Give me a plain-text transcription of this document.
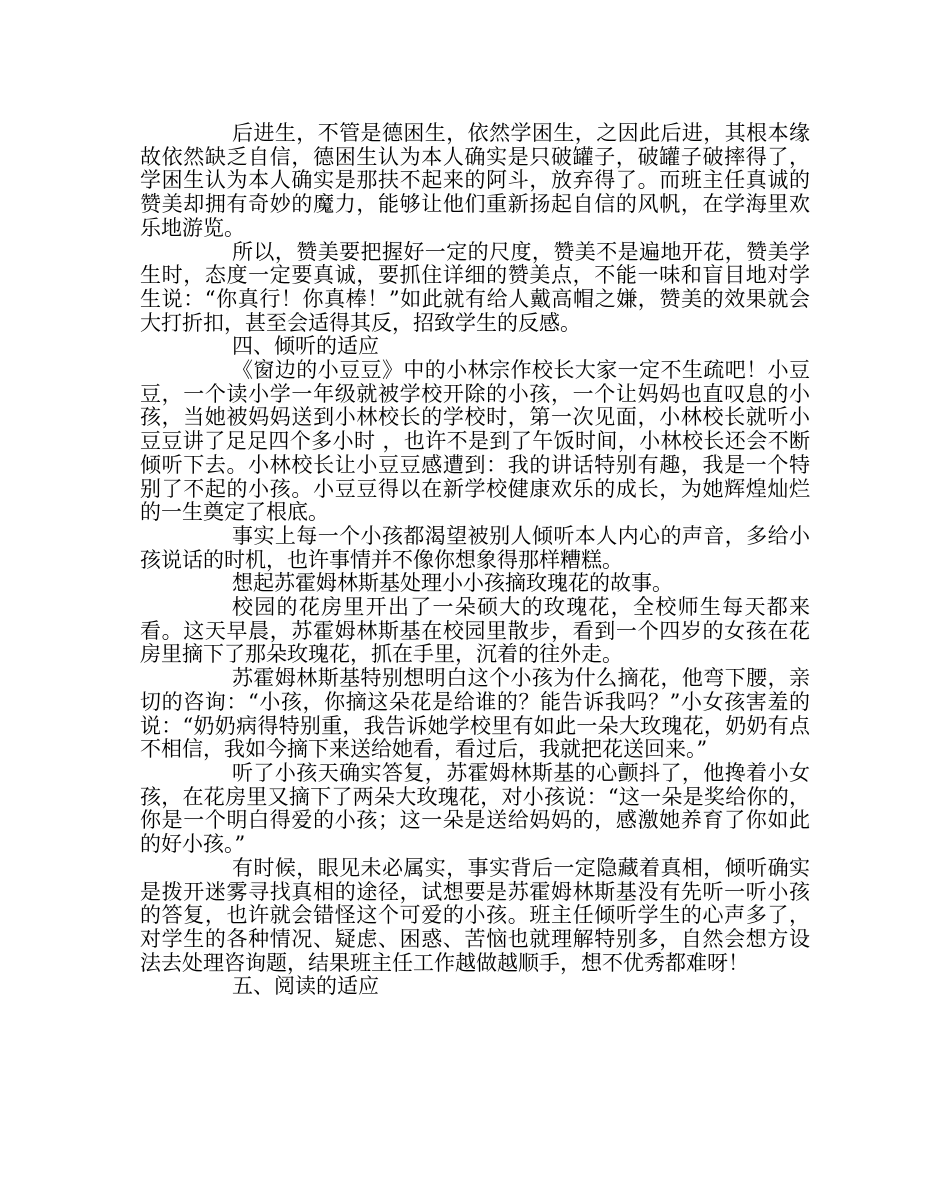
后进生，不管是德困生，依然学困生，之因此后进，其根本缘故依然缺乏自信，德困生认为本人确实是只破罐子，破罐子破摔得了，学困生认为本人确实是那扶不起来的阿斗，放弃得了。而班主任真诚的赞美却拥有奇妙的魔力，能够让他们重新扬起自信的风帆，在学海里欢乐地游览。

所以，赞美要把握好一定的尺度，赞美不是遍地开花，赞美学生时，态度一定要真诚，要抓住详细的赞美点，不能一味和盲目地对学生说：“你真行！你真棒！”如此就有给人戴高帽之嫌，赞美的效果就会大打折扣，甚至会适得其反，招致学生的反感。

四、倾听的适应

《窗边的小豆豆》中的小林宗作校长大家一定不生疏吧！小豆豆，一个读小学一年级就被学校开除的小孩，一个让妈妈也直叹息的小孩，当她被妈妈送到小林校长的学校时，第一次见面，小林校长就听小豆豆讲了足足四个多小时 ，也许不是到了午饭时间，小林校长还会不断倾听下去。小林校长让小豆豆感遭到：我的讲话特别有趣，我是一个特别了不起的小孩。小豆豆得以在新学校健康欢乐的成长，为她辉煌灿烂的一生奠定了根底。

事实上每一个小孩都渴望被别人倾听本人内心的声音，多给小孩说话的时机，也许事情并不像你想象得那样糟糕。

想起苏霍姆林斯基处理小小孩摘玫瑰花的故事。

校园的花房里开出了一朵硕大的玫瑰花，全校师生每天都来看。这天早晨，苏霍姆林斯基在校园里散步，看到一个四岁的女孩在花房里摘下了那朵玫瑰花，抓在手里，沉着的往外走。

苏霍姆林斯基特别想明白这个小孩为什么摘花，他弯下腰，亲切的咨询：“小孩，你摘这朵花是给谁的？能告诉我吗？”小女孩害羞的说：“奶奶病得特别重，我告诉她学校里有如此一朵大玫瑰花，奶奶有点不相信，我如今摘下来送给她看，看过后，我就把花送回来。”

听了小孩天确实答复，苏霍姆林斯基的心颤抖了，他搀着小女孩，在花房里又摘下了两朵大玫瑰花，对小孩说：“这一朵是奖给你的，你是一个明白得爱的小孩；这一朵是送给妈妈的，感激她养育了你如此的好小孩。”

有时候，眼见未必属实，事实背后一定隐藏着真相，倾听确实是拨开迷雾寻找真相的途径，试想要是苏霍姆林斯基没有先听一听小孩的答复，也许就会错怪这个可爱的小孩。班主任倾听学生的心声多了，对学生的各种情况、疑虑、困惑、苦恼也就理解特别多，自然会想方设法去处理咨询题，结果班主任工作越做越顺手，想不优秀都难呀！

五、阅读的适应
